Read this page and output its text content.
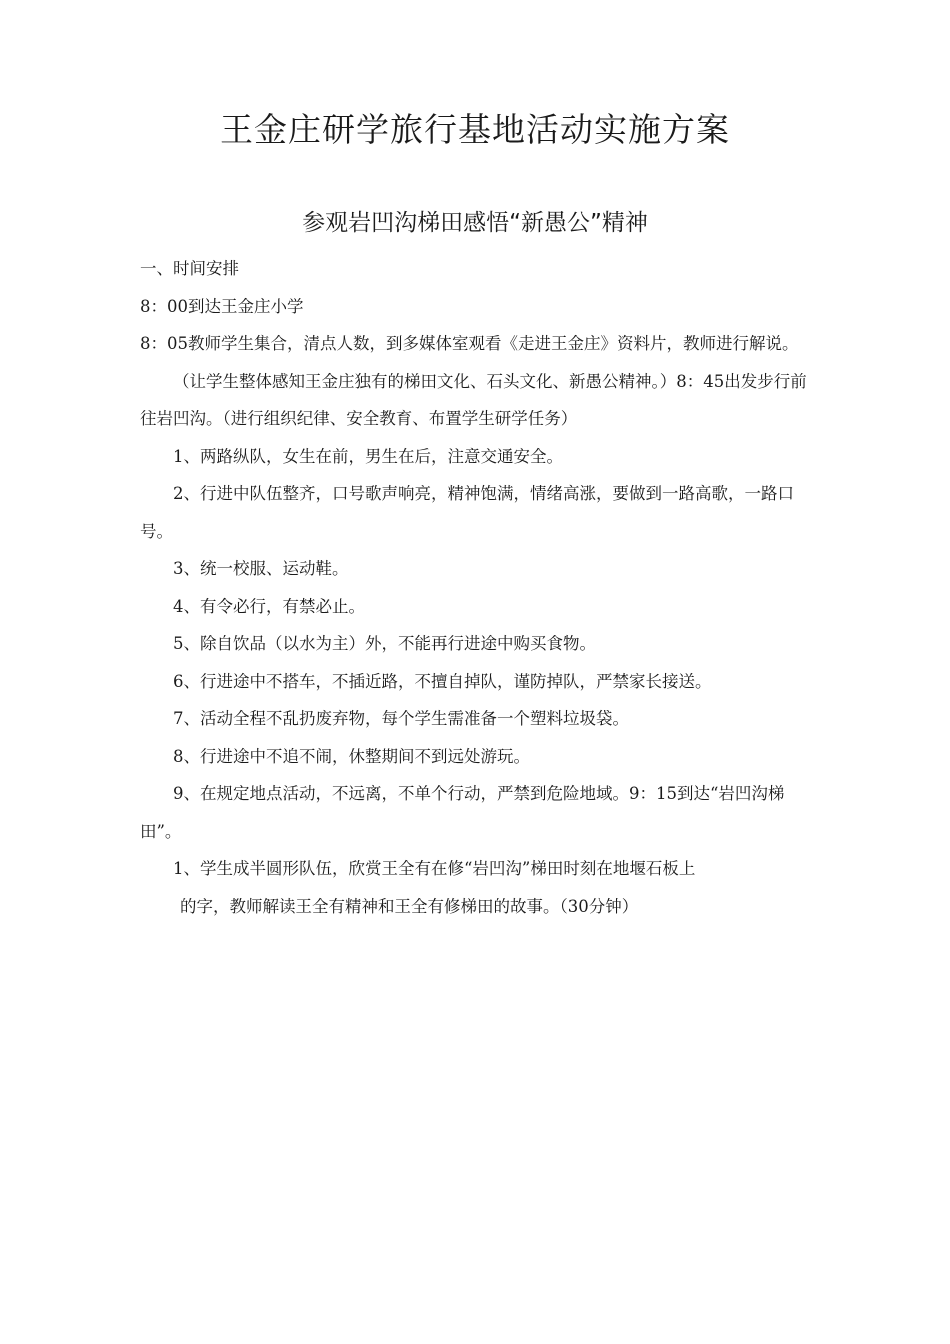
王金庄研学旅行基地活动实施方案
参观岩凹沟梯田感悟“新愚公”精神

一、时间安排

8：00到达王金庄小学

8：05教师学生集合，清点人数，到多媒体室观看《走进王金庄》资料片，教师进行解说。

（让学生整体感知王金庄独有的梯田文化、石头文化、新愚公精神。）8：45出发步行前往岩凹沟。（进行组织纪律、安全教育、布置学生研学任务）

1、两路纵队，女生在前，男生在后，注意交通安全。

2、行进中队伍整齐，口号歌声响亮，精神饱满，情绪高涨，要做到一路高歌，一路口号。

3、统一校服、运动鞋。

4、有令必行，有禁必止。

5、除自饮品（以水为主）外，不能再行进途中购买食物。

6、行进途中不搭车，不插近路，不擅自掉队，谨防掉队，严禁家长接送。

7、活动全程不乱扔废弃物，每个学生需准备一个塑料垃圾袋。

8、行进途中不追不闹，休整期间不到远处游玩。

9、在规定地点活动，不远离，不单个行动，严禁到危险地域。9：15到达“岩凹沟梯田”。

1、学生成半圆形队伍，欣赏王全有在修“岩凹沟”梯田时刻在地堰石板上

的字，教师解读王全有精神和王全有修梯田的故事。（30分钟）
